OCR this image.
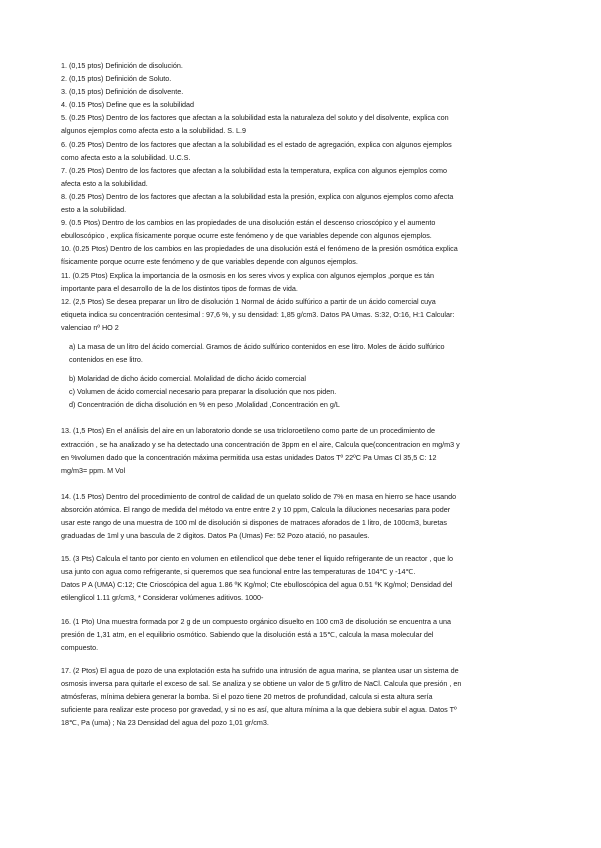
1. (0,15 ptos) Definición de disolución.

2. (0,15 ptos) Definición de Soluto.

3. (0,15 ptos) Definición de disolvente.

4. (0.15 Ptos) Define que es la solubilidad

5. (0.25 Ptos) Dentro de los factores que afectan a la solubilidad esta la naturaleza del soluto y del disolvente, explica con
algunos ejemplos como afecta esto a la solubilidad. S. L.9

6. (0.25 Ptos) Dentro de los factores que afectan a la solubilidad es el estado de agregación, explica con algunos ejemplos
como afecta esto a la solubilidad. U.C.S.

7. (0.25 Ptos) Dentro de los factores que afectan a la solubilidad esta la temperatura, explica con algunos ejemplos como
afecta esto a la solubilidad.

8. (0.25 Ptos) Dentro de los factores que afectan a la solubilidad esta la presión, explica con algunos ejemplos como afecta
esto a la solubilidad.

9. (0.5 Ptos) Dentro de los cambios en las propiedades de una disolución están el descenso crioscópico y el aumento
ebulloscópico , explica físicamente porque ocurre este fenómeno y de que variables depende con algunos ejemplos.

10. (0.25 Ptos) Dentro de los cambios en las propiedades de una disolución está el fenómeno de la presión osmótica explica
físicamente porque ocurre este fenómeno y de que variables depende con algunos ejemplos.

11. (0.25 Ptos) Explica la importancia de la osmosis en los seres vivos y explica con algunos ejemplos ,porque es tán
importante para el desarrollo de la de los distintos tipos de formas de vida.

12. (2,5 Ptos) Se desea preparar un litro de disolución 1 Normal de ácido sulfúrico a partir de un ácido comercial cuya
etiqueta indica su concentración centesimal : 97,6 %, y su densidad: 1,85 g/cm3. Datos PA Umas. S:32, O:16, H:1 Calcular:
valenciao nº HO 2

a) La masa de un litro del ácido comercial. Gramos de ácido sulfúrico contenidos en ese litro. Moles de ácido sulfúrico
contenidos en ese litro.

b) Molaridad de dicho ácido comercial. Molalidad de dicho ácido comercial

c) Volumen de ácido comercial necesario para preparar la disolución que nos piden.

d) Concentración de dicha disolución en % en peso ,Molalidad ,Concentración en g/L

13. (1,5 Ptos) En el análisis del aire en un laboratorio donde se usa tricloroetileno como parte de un procedimiento de
extracción , se ha analizado y se ha detectado una concentración de 3ppm en el aire, Calcula que(concentracion en mg/m3 y
en %volumen dado que la concentración máxima permitida usa estas unidades Datos Tº 22ºC Pa Umas Cl 35,5 C: 12
mg/m3= ppm. M Vol

14. (1.5 Ptos) Dentro del procedimiento de control de calidad de un quelato solido de 7% en masa en hierro se hace usando
absorción atómica. El rango de medida del método va entre entre 2 y 10 ppm, Calcula la diluciones necesarias para poder
usar este rango de una muestra de 100 ml de disolución si dispones de matraces aforados de 1 litro, de 100cm3, buretas
graduadas de 1ml y una bascula de 2 digitos. Datos Pa (Umas) Fe: 52 Pozo atació, no pasaules.

15. (3 Pts) Calcula el tanto por ciento en volumen en etilenclicol que debe tener el liquido refrigerante de un reactor , que lo
usa junto con agua como refrigerante, si queremos que sea funcional entre las temperaturas de 104℃ y -14℃.
Datos P A (UMA) C:12; Cte Crioscópica del agua 1.86 ºK Kg/mol; Cte ebulloscópica del agua 0.51 ºK Kg/mol; Densidad del
etilenglicol 1.11 gr/cm3, * Considerar volúmenes aditivos. 1000-

16. (1 Pto) Una muestra formada por 2 g de un compuesto orgánico disuelto en 100 cm3 de disolución se encuentra a una
presión de 1,31 atm, en el equilibrio osmótico. Sabiendo que la disolución está a 15℃, calcula la masa molecular del
compuesto.

17. (2 Ptos) El agua de pozo de una explotación esta ha sufrido una intrusión de agua marina, se plantea usar un sistema de
osmosis inversa para quitarle el exceso de sal. Se analiza y se obtiene un valor de 5 gr/litro de NaCl. Calcula que presión , en
atmósferas, mínima debiera generar la bomba. Si el pozo tiene 20 metros de profundidad, calcula si esta altura sería
suficiente para realizar este proceso por gravedad, y si no es así, que altura mínima a la que debiera subir el agua. Datos Tº
18℃, Pa (uma) ; Na 23 Densidad del agua del pozo 1,01 gr/cm3.
